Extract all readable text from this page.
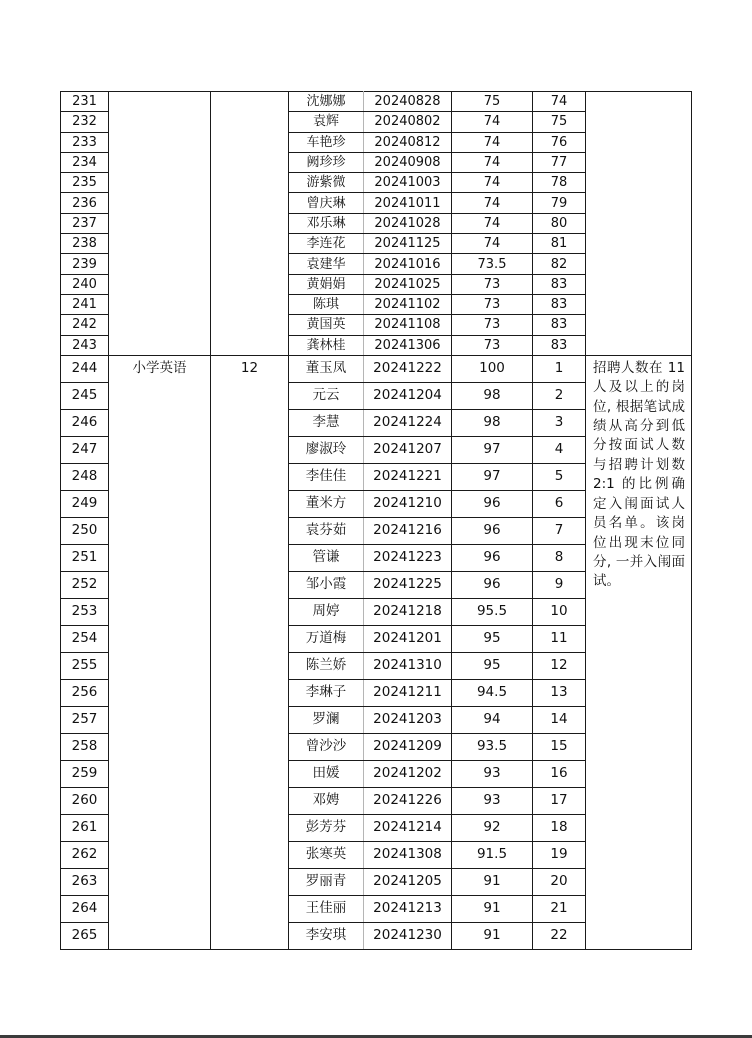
231			沈娜娜	20240828	75	74	
232			袁辉	20240802	74	75	
233			车艳珍	20240812	74	76	
234			阙珍珍	20240908	74	77	
235			游紫微	20241003	74	78	
236			曾庆琳	20241011	74	79	
237			邓乐琳	20241028	74	80	
238			李连花	20241125	74	81	
239			袁建华	20241016	73.5	82	
240			黄娟娟	20241025	73	83	
241			陈琪	20241102	73	83	
242			黄国英	20241108	73	83	
243			龚林桂	20241306	73	83	
244	小学英语	12	董玉凤	20241222	100	1	招聘人数在 11 人及以上的岗位, 根据笔试成绩从高分到低分按面试人数与招聘计划数 2:1 的比例确定入闱面试人员名单。该岗位出现末位同分, 一并入闱面试。
245			元云	20241204	98	2	
246			李慧	20241224	98	3	
247			廖淑玲	20241207	97	4	
248			李佳佳	20241221	97	5	
249			董米方	20241210	96	6	
250			袁芬茹	20241216	96	7	
251			管谦	20241223	96	8	
252			邹小霞	20241225	96	9	
253			周婷	20241218	95.5	10	
254			万道梅	20241201	95	11	
255			陈兰娇	20241310	95	12	
256			李琳子	20241211	94.5	13	
257			罗澜	20241203	94	14	
258			曾沙沙	20241209	93.5	15	
259			田媛	20241202	93	16	
260			邓娉	20241226	93	17	
261			彭芳芬	20241214	92	18	
262			张寒英	20241308	91.5	19	
263			罗丽青	20241205	91	20	
264			王佳丽	20241213	91	21	
265			李安琪	20241230	91	22	
